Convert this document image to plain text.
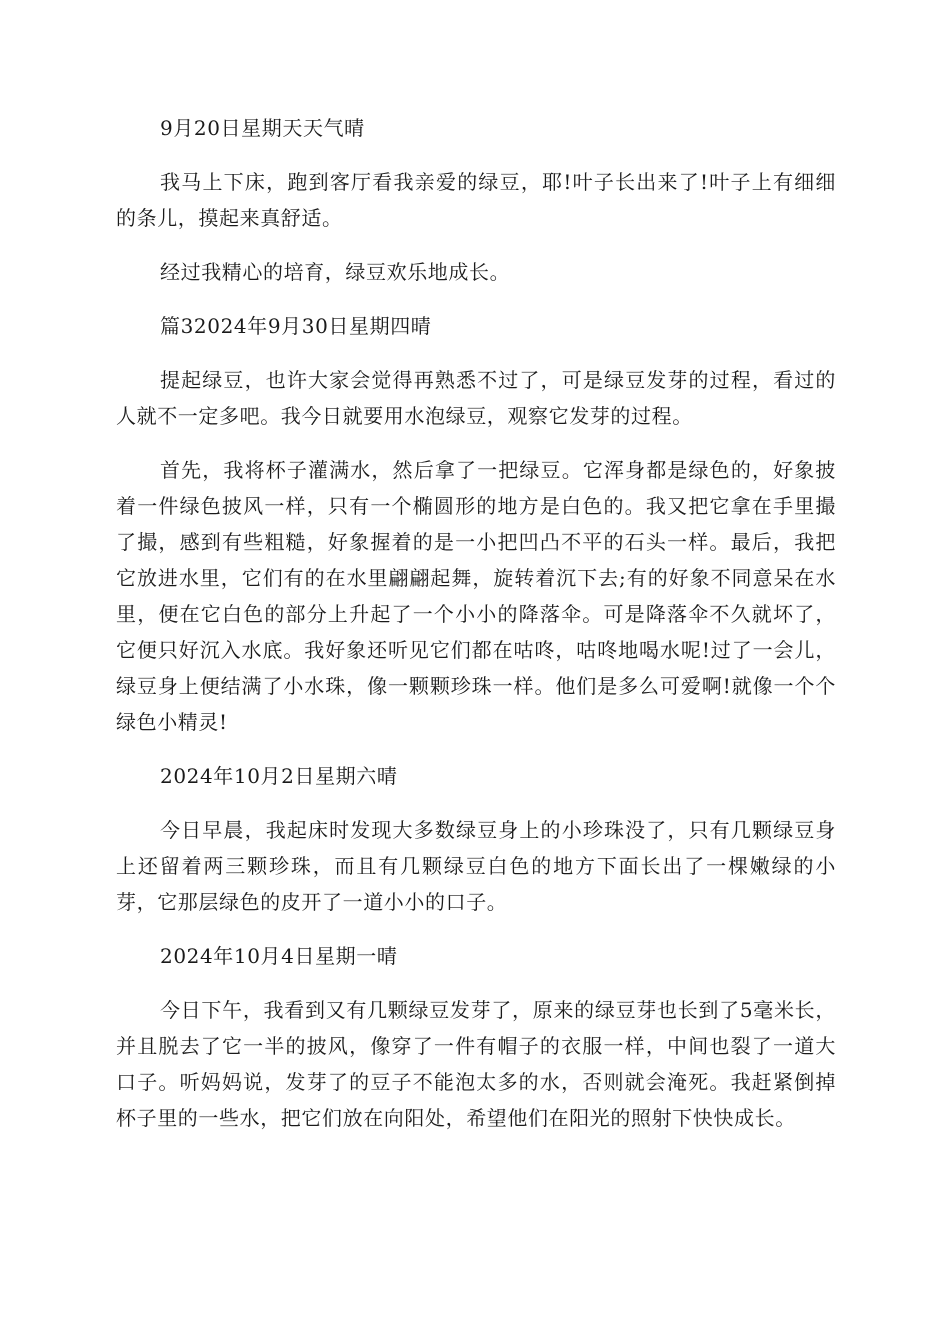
9月20日星期天天气晴

我马上下床，跑到客厅看我亲爱的绿豆，耶!叶子长出来了!叶子上有细细的条儿，摸起来真舒适。

经过我精心的培育，绿豆欢乐地成长。

篇32024年9月30日星期四晴

提起绿豆，也许大家会觉得再熟悉不过了，可是绿豆发芽的过程，看过的人就不一定多吧。我今日就要用水泡绿豆，观察它发芽的过程。

首先，我将杯子灌满水，然后拿了一把绿豆。它浑身都是绿色的，好象披着一件绿色披风一样，只有一个椭圆形的地方是白色的。我又把它拿在手里撮了撮，感到有些粗糙，好象握着的是一小把凹凸不平的石头一样。最后，我把它放进水里，它们有的在水里翩翩起舞，旋转着沉下去;有的好象不同意呆在水里，便在它白色的部分上升起了一个小小的降落伞。可是降落伞不久就坏了，它便只好沉入水底。我好象还听见它们都在咕咚，咕咚地喝水呢!过了一会儿，绿豆身上便结满了小水珠，像一颗颗珍珠一样。他们是多么可爱啊!就像一个个绿色小精灵!

2024年10月2日星期六晴

今日早晨，我起床时发现大多数绿豆身上的小珍珠没了，只有几颗绿豆身上还留着两三颗珍珠，而且有几颗绿豆白色的地方下面长出了一棵嫩绿的小芽，它那层绿色的皮开了一道小小的口子。

2024年10月4日星期一晴

今日下午，我看到又有几颗绿豆发芽了，原来的绿豆芽也长到了5毫米长，并且脱去了它一半的披风，像穿了一件有帽子的衣服一样，中间也裂了一道大口子。听妈妈说，发芽了的豆子不能泡太多的水，否则就会淹死。我赶紧倒掉杯子里的一些水，把它们放在向阳处，希望他们在阳光的照射下快快成长。
